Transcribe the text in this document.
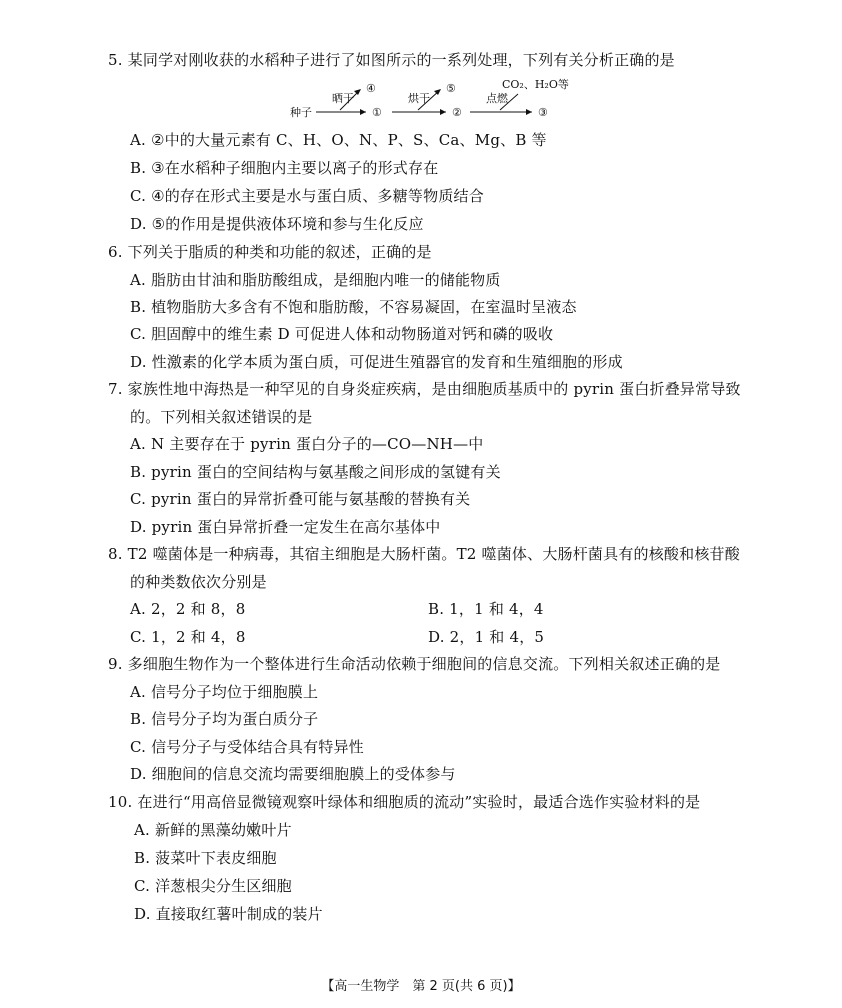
5. 某同学对刚收获的水稻种子进行了如图所示的一系列处理，下列有关分析正确的是
种子
晒干
④
①
烘干
⑤
②
点燃
CO₂、H₂O等
③
A. ②中的大量元素有 C、H、O、N、P、S、Ca、Mg、B 等
B. ③在水稻种子细胞内主要以离子的形式存在
C. ④的存在形式主要是水与蛋白质、多糖等物质结合
D. ⑤的作用是提供液体环境和参与生化反应
6. 下列关于脂质的种类和功能的叙述，正确的是
A. 脂肪由甘油和脂肪酸组成，是细胞内唯一的储能物质
B. 植物脂肪大多含有不饱和脂肪酸，不容易凝固，在室温时呈液态
C. 胆固醇中的维生素 D 可促进人体和动物肠道对钙和磷的吸收
D. 性激素的化学本质为蛋白质，可促进生殖器官的发育和生殖细胞的形成
7. 家族性地中海热是一种罕见的自身炎症疾病，是由细胞质基质中的 pyrin 蛋白折叠异常导致
的。下列相关叙述错误的是
A. N 主要存在于 pyrin 蛋白分子的—CO—NH—中
B. pyrin 蛋白的空间结构与氨基酸之间形成的氢键有关
C. pyrin 蛋白的异常折叠可能与氨基酸的替换有关
D. pyrin 蛋白异常折叠一定发生在高尔基体中
8. T2 噬菌体是一种病毒，其宿主细胞是大肠杆菌。T2 噬菌体、大肠杆菌具有的核酸和核苷酸
的种类数依次分别是
A. 2，2 和 8，8	B. 1，1 和 4，4
C. 1，2 和 4，8	D. 2，1 和 4，5
9. 多细胞生物作为一个整体进行生命活动依赖于细胞间的信息交流。下列相关叙述正确的是
A. 信号分子均位于细胞膜上
B. 信号分子均为蛋白质分子
C. 信号分子与受体结合具有特异性
D. 细胞间的信息交流均需要细胞膜上的受体参与
10. 在进行“用高倍显微镜观察叶绿体和细胞质的流动”实验时，最适合选作实验材料的是
A. 新鲜的黑藻幼嫩叶片
B. 菠菜叶下表皮细胞
C. 洋葱根尖分生区细胞
D. 直接取红薯叶制成的装片
【高一生物学　第 2 页(共 6 页)】
